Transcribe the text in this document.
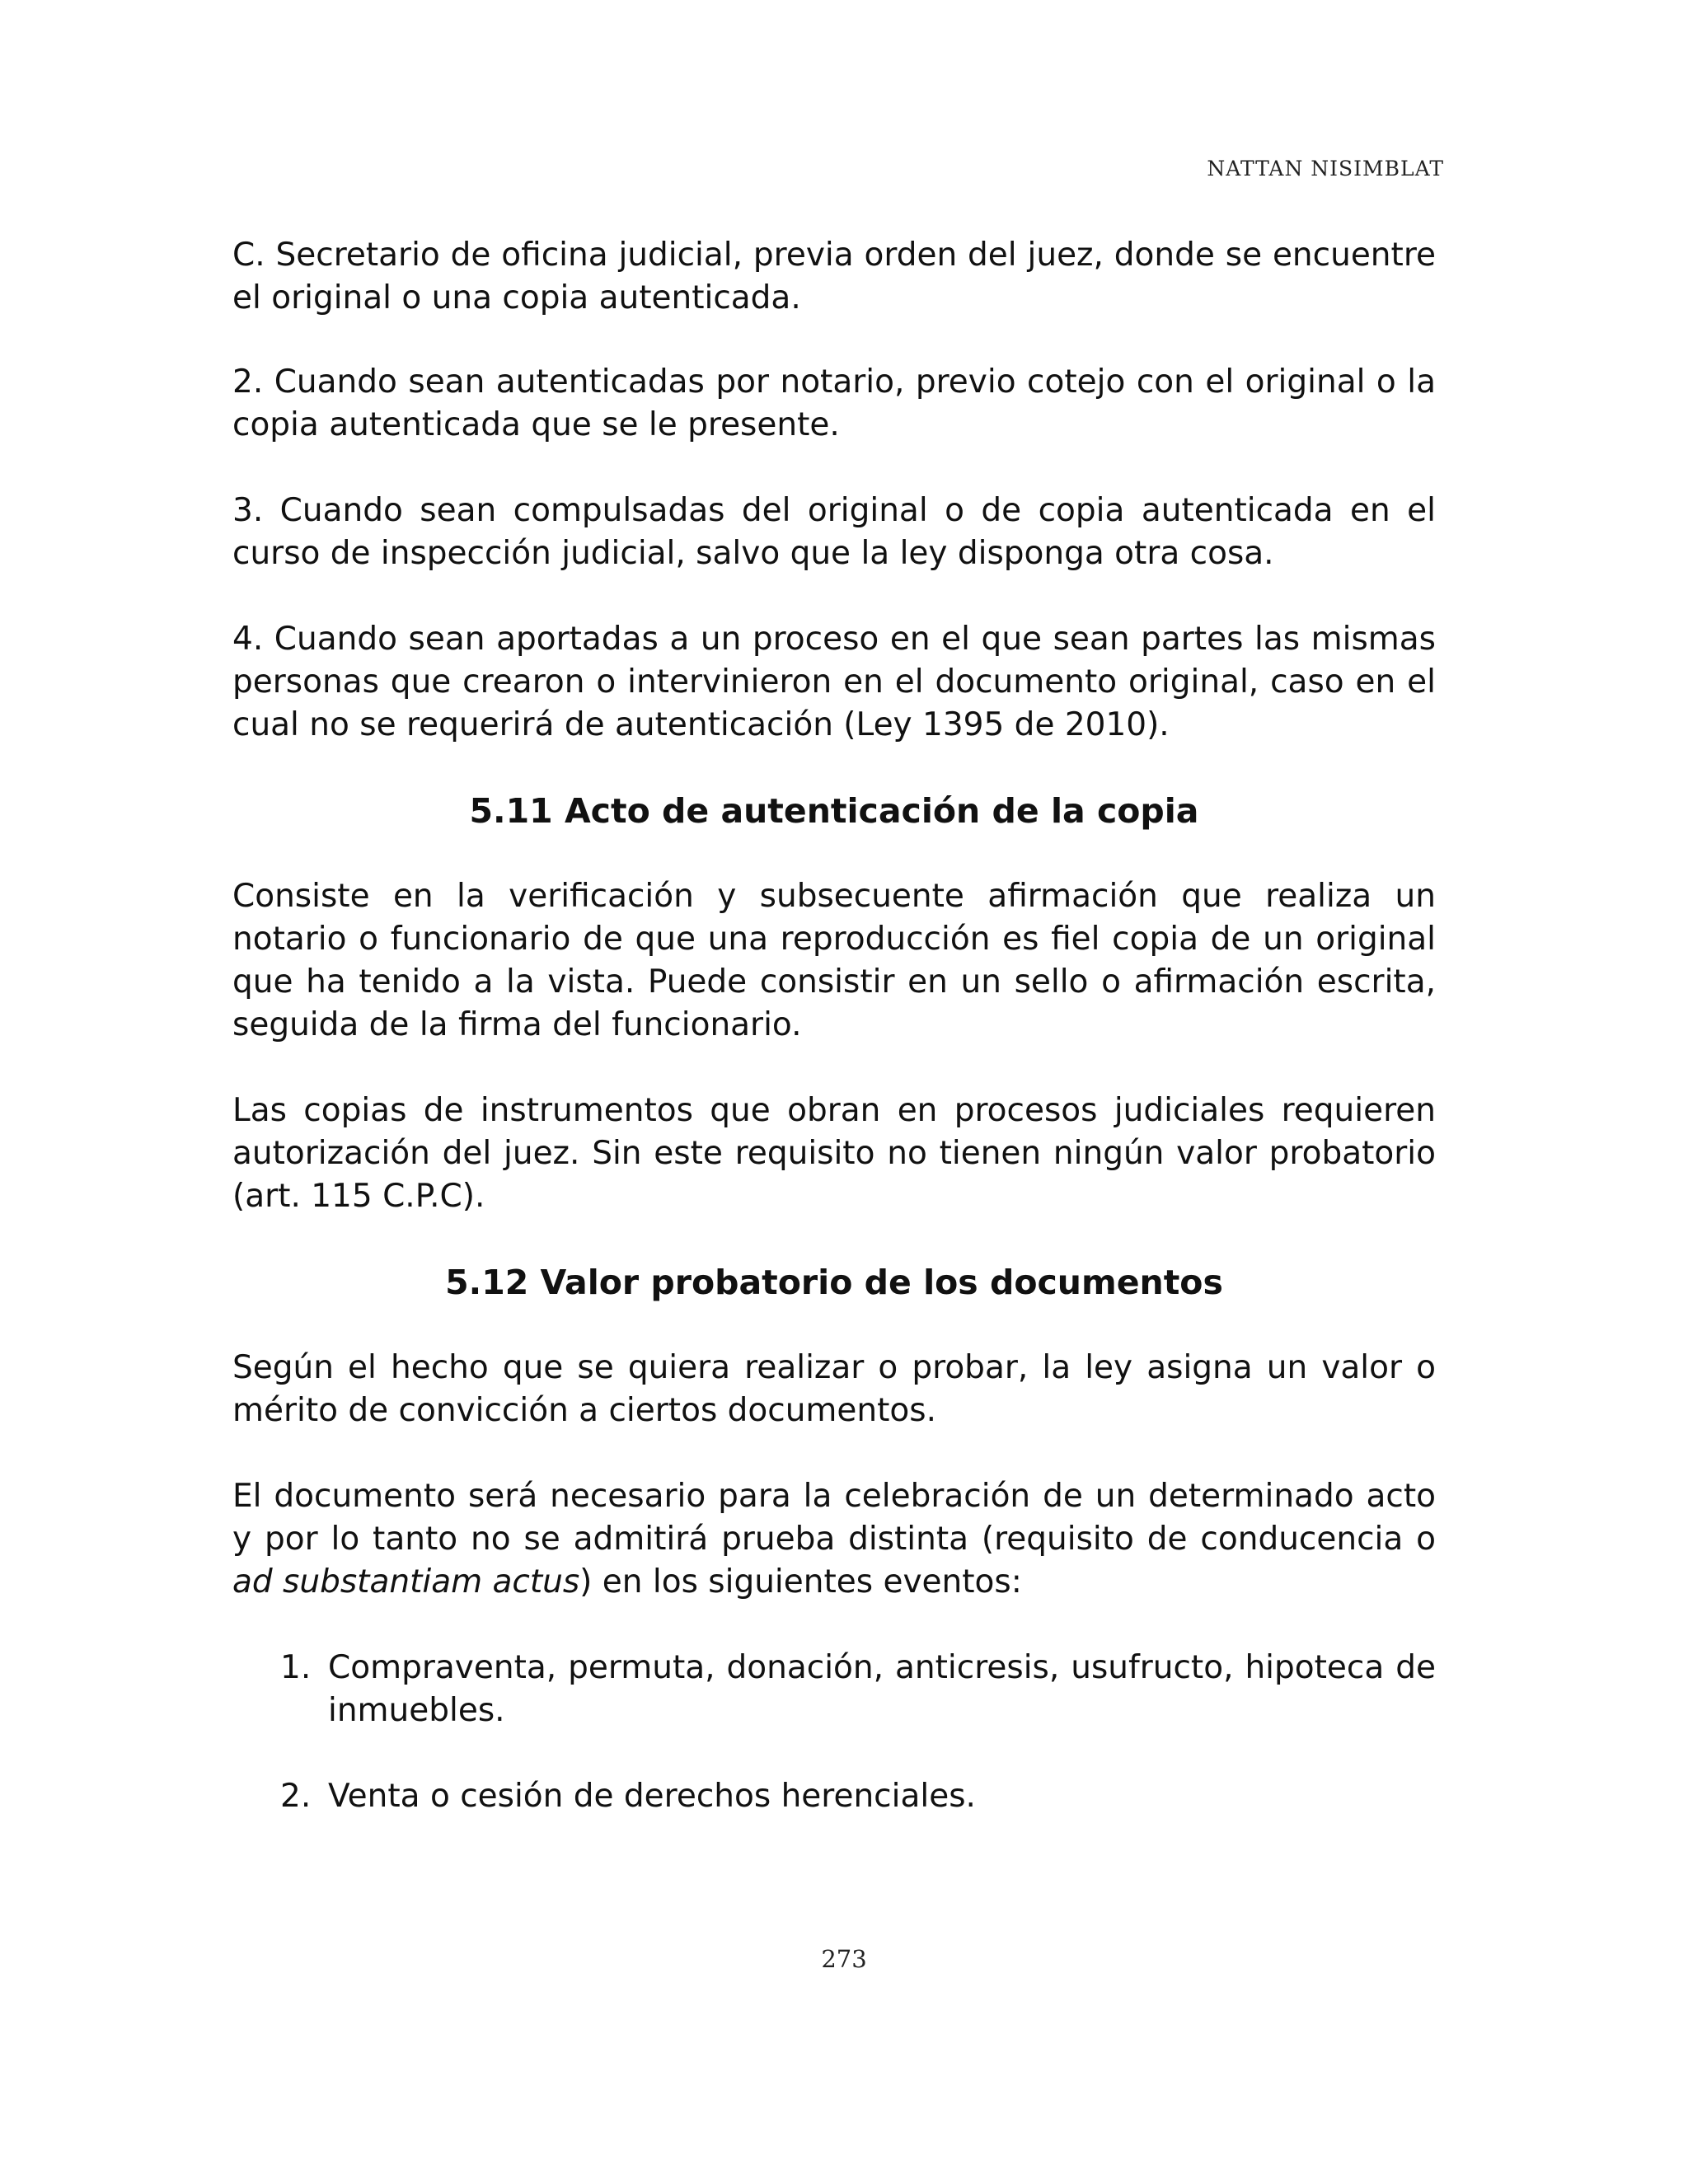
NATTAN NISIMBLAT

C. Secretario de oficina judicial, previa orden del juez, donde se encuentre el original o una copia autenticada.

2. Cuando sean autenticadas por notario, previo cotejo con el original o la copia autenticada que se le presente.

3. Cuando sean compulsadas del original o de copia autenticada en el curso de inspección judicial, salvo que la ley disponga otra cosa.

4. Cuando sean aportadas a un proceso en el que sean partes las mismas personas que crearon o intervinieron en el documento original, caso en el cual no se requerirá de autenticación (Ley 1395 de 2010).

5.11 Acto de autenticación de la copia

Consiste en la verificación y subsecuente afirmación que realiza un notario o funcionario de que una reproducción es fiel copia de un original que ha tenido a la vista. Puede consistir en un sello o afirmación escrita, seguida de la firma del funcionario.

Las copias de instrumentos que obran en procesos judiciales requieren autorización del juez. Sin este requisito no tienen ningún valor probatorio (art. 115 C.P.C).

5.12 Valor probatorio de los documentos

Según el hecho que se quiera realizar o probar, la ley asigna un valor o mérito de convicción a ciertos documentos.

El documento será necesario para la celebración de un determinado acto y por lo tanto no se admitirá prueba distinta (requisito de conducencia o ad substantiam actus) en los siguientes eventos:

1. Compraventa, permuta, donación, anticresis, usufructo, hipoteca de inmuebles.
2. Venta o cesión de derechos herenciales.
273
